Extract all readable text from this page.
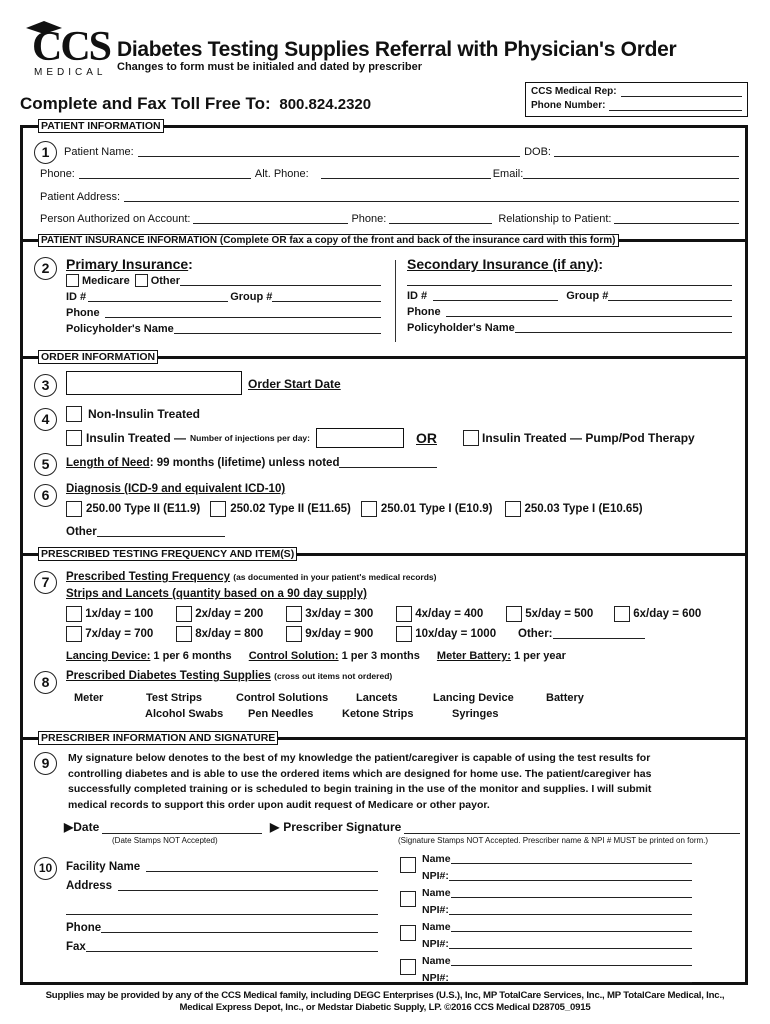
CCS
MEDICAL
Diabetes Testing Supplies Referral with Physician's Order
Changes to form must be initialed and dated by prescriber
Complete and Fax Toll Free To: 800.824.2320
CCS Medical Rep:
Phone Number:
PATIENT INFORMATION
1	Patient Name:	DOB:
Phone:	Alt. Phone:	Email:
Patient Address:
Person Authorized on Account:	Phone:	Relationship to Patient:
PATIENT INSURANCE INFORMATION (Complete OR fax a copy of the front and back of the insurance card with this form)
2	Primary Insurance:
Medicare Other
ID #	Group #
Phone
Policyholder's Name
Secondary Insurance (if any):
ID #	Group #
Phone
Policyholder's Name
ORDER INFORMATION
3	Order Start Date
4	Non-Insulin Treated
Insulin Treated — Number of injections per day:	OR	Insulin Treated — Pump/Pod Therapy
5	Length of Need : 99 months (lifetime) unless noted
6	Diagnosis (ICD-9 and equivalent ICD-10)
250.00 Type II (E11.9)	250.02 Type II (E11.65)	250.01 Type I (E10.9)	250.03 Type I (E10.65)
Other
PRESCRIBED TESTING FREQUENCY AND ITEM(S)
7	Prescribed Testing Frequency (as documented in your patient's medical records)
Strips and Lancets (quantity based on a 90 day supply)
1x/day = 100	2x/day = 200	3x/day = 300	4x/day = 400	5x/day = 500	6x/day = 600
7x/day = 700	8x/day = 800	9x/day = 900	10x/day = 1000 Other:
Lancing Device: 1 per 6 months Control Solution: 1 per 3 months Meter Battery: 1 per year
8	Prescribed Diabetes Testing Supplies (cross out items not ordered)
Meter	Test Strips	Control Solutions	Lancets	Lancing Device	Battery
Alcohol Swabs Pen Needles	Ketone Strips	Syringes
PRESCRIBER INFORMATION AND SIGNATURE
9	My signature below denotes to the best of my knowledge the patient/caregiver is capable of using the test results for
controlling diabetes and is able to use the ordered items which are designed for home use. The patient/caregiver has
successfully completed training or is scheduled to begin training in the use of the monitor and supplies. I will submit
medical records to support this order upon audit request of Medicare or other payor.
▶ Date
(Date Stamps NOT Accepted)
▶ Prescriber Signature
(Signature Stamps NOT Accepted. Prescriber name & NPI # MUST be printed on form.)
10	Facility Name
Address
Phone
Fax
Name
NPI#:
Name
NPI#:
Name
NPI#:
Name
NPI#:
Supplies may be provided by any of the CCS Medical family, including DEGC Enterprises (U.S.), Inc, MP TotalCare Services, Inc., MP TotalCare Medical, Inc.,
Medical Express Depot, Inc., or Medstar Diabetic Supply, LP. ©2016 CCS Medical D28705_0915
